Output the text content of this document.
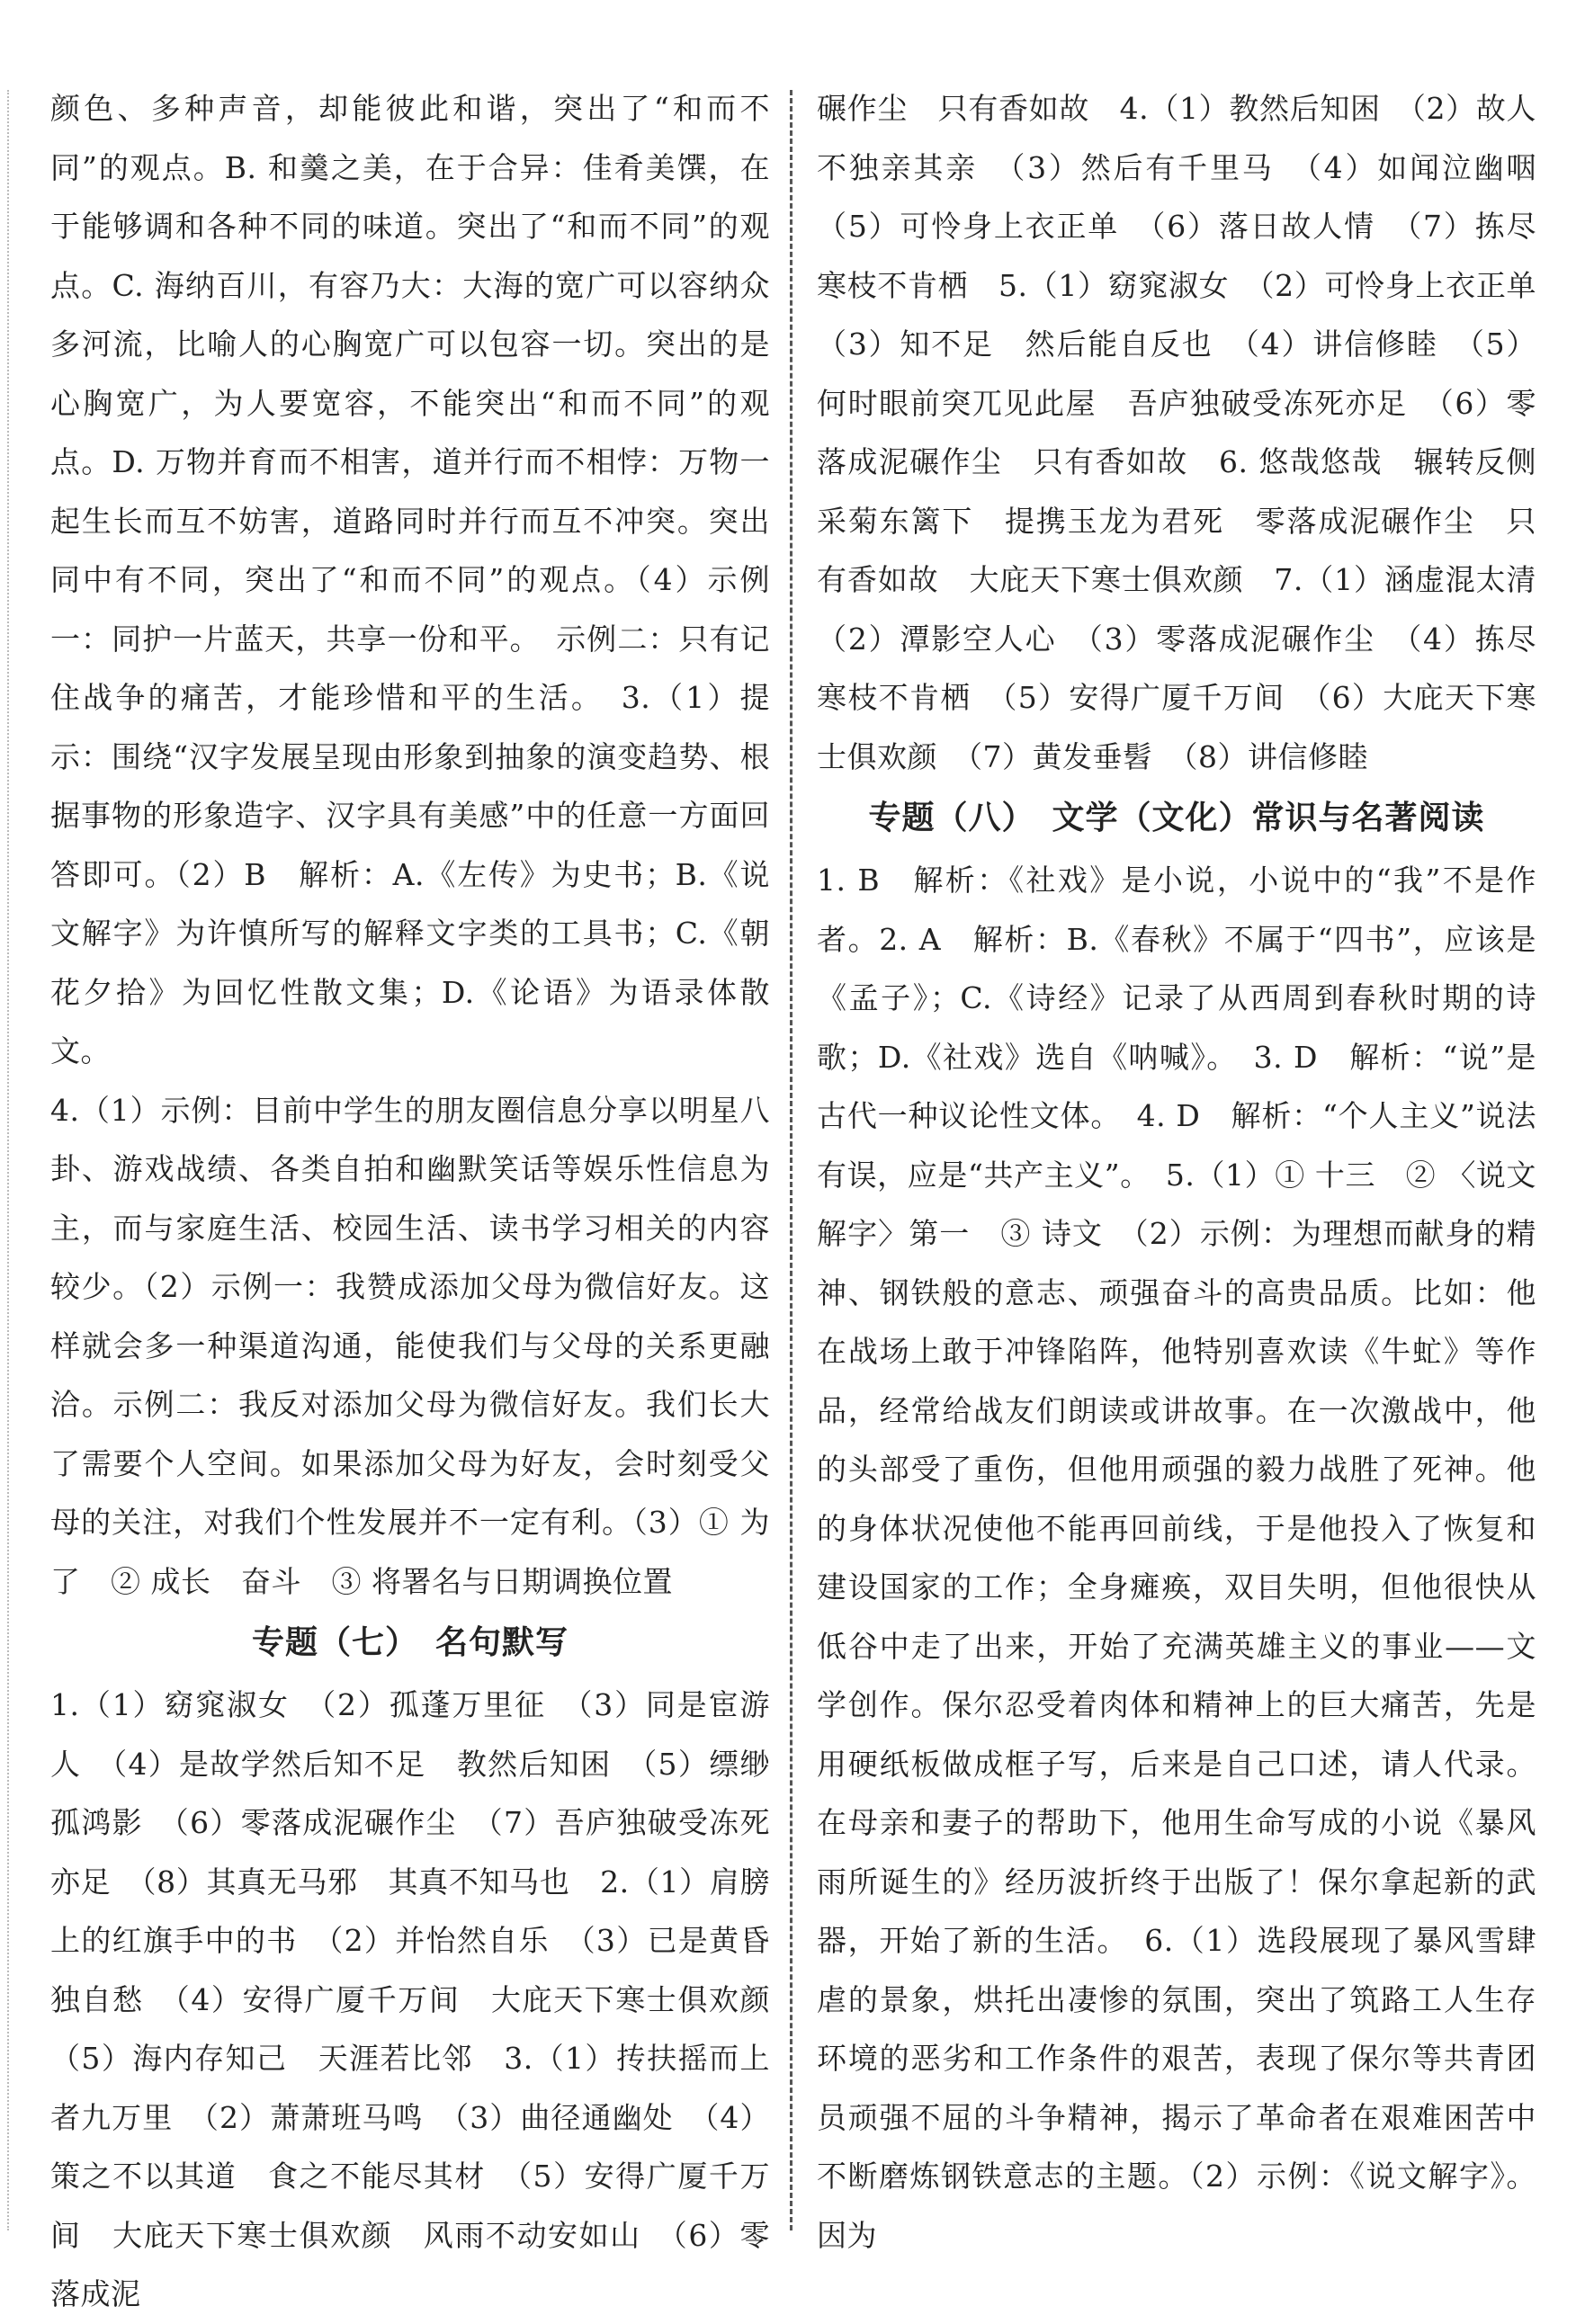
颜色、多种声音，却能彼此和谐，突出了“和而不同”的观点。B. 和羹之美，在于合异：佳肴美馔，在于能够调和各种不同的味道。突出了“和而不同”的观点。C. 海纳百川，有容乃大：大海的宽广可以容纳众多河流，比喻人的心胸宽广可以包容一切。突出的是心胸宽广，为人要宽容，不能突出“和而不同”的观点。D. 万物并育而不相害，道并行而不相悖：万物一起生长而互不妨害，道路同时并行而互不冲突。突出同中有不同，突出了“和而不同”的观点。（4）示例一：同护一片蓝天，共享一份和平。　示例二：只有记住战争的痛苦，才能珍惜和平的生活。　3.（1）提示：围绕“汉字发展呈现由形象到抽象的演变趋势、根据事物的形象造字、汉字具有美感”中的任意一方面回答即可。（2）B　解析：A.《左传》为史书；B.《说文解字》为许慎所写的解释文字类的工具书；C.《朝花夕拾》为回忆性散文集；D.《论语》为语录体散文。

4.（1）示例：目前中学生的朋友圈信息分享以明星八卦、游戏战绩、各类自拍和幽默笑话等娱乐性信息为主，而与家庭生活、校园生活、读书学习相关的内容较少。（2）示例一：我赞成添加父母为微信好友。这样就会多一种渠道沟通，能使我们与父母的关系更融洽。示例二：我反对添加父母为微信好友。我们长大了需要个人空间。如果添加父母为好友，会时刻受父母的关注，对我们个性发展并不一定有利。（3）① 为了　② 成长　奋斗　③ 将署名与日期调换位置

专题（七）　名句默写

1.（1）窈窕淑女　（2）孤蓬万里征　（3）同是宦游人　（4）是故学然后知不足　教然后知困　（5）缥缈孤鸿影　（6）零落成泥碾作尘　（7）吾庐独破受冻死亦足　（8）其真无马邪　其真不知马也　2.（1）肩膀上的红旗手中的书　（2）并怡然自乐　（3）已是黄昏独自愁　（4）安得广厦千万间　大庇天下寒士俱欢颜　（5）海内存知己　天涯若比邻　3.（1）抟扶摇而上者九万里　（2）萧萧班马鸣　（3）曲径通幽处　（4）策之不以其道　食之不能尽其材　（5）安得广厦千万间　大庇天下寒士俱欢颜　风雨不动安如山　（6）零落成泥

碾作尘　只有香如故　4.（1）教然后知困　（2）故人不独亲其亲　（3）然后有千里马　（4）如闻泣幽咽　（5）可怜身上衣正单　（6）落日故人情　（7）拣尽寒枝不肯栖　5.（1）窈窕淑女　（2）可怜身上衣正单　（3）知不足　然后能自反也　（4）讲信修睦　（5）何时眼前突兀见此屋　吾庐独破受冻死亦足　（6）零落成泥碾作尘　只有香如故　6. 悠哉悠哉　辗转反侧　采菊东篱下　提携玉龙为君死　零落成泥碾作尘　只有香如故　大庇天下寒士俱欢颜　7.（1）涵虚混太清　（2）潭影空人心　（3）零落成泥碾作尘　（4）拣尽寒枝不肯栖　（5）安得广厦千万间　（6）大庇天下寒士俱欢颜　（7）黄发垂髫　（8）讲信修睦

专题（八）　文学（文化）常识与名著阅读

1. B　解析：《社戏》是小说，小说中的“我”不是作者。2. A　解析：B.《春秋》不属于“四书”，应该是《孟子》；C.《诗经》记录了从西周到春秋时期的诗歌；D.《社戏》选自《呐喊》。　3. D　解析：“说”是古代一种议论性文体。　4. D　解析：“个人主义”说法有误，应是“共产主义”。　5.（1）① 十三　② 〈说文解字〉第一　③ 诗文　（2）示例：为理想而献身的精神、钢铁般的意志、顽强奋斗的高贵品质。比如：他在战场上敢于冲锋陷阵，他特别喜欢读《牛虻》等作品，经常给战友们朗读或讲故事。在一次激战中，他的头部受了重伤，但他用顽强的毅力战胜了死神。他的身体状况使他不能再回前线，于是他投入了恢复和建设国家的工作；全身瘫痪，双目失明，但他很快从低谷中走了出来，开始了充满英雄主义的事业——文学创作。保尔忍受着肉体和精神上的巨大痛苦，先是用硬纸板做成框子写，后来是自己口述，请人代录。在母亲和妻子的帮助下，他用生命写成的小说《暴风雨所诞生的》经历波折终于出版了！保尔拿起新的武器，开始了新的生活。　6.（1）选段展现了暴风雪肆虐的景象，烘托出凄惨的氛围，突出了筑路工人生存环境的恶劣和工作条件的艰苦，表现了保尔等共青团员顽强不屈的斗争精神，揭示了革命者在艰难困苦中不断磨炼钢铁意志的主题。（2）示例：《说文解字》。因为
